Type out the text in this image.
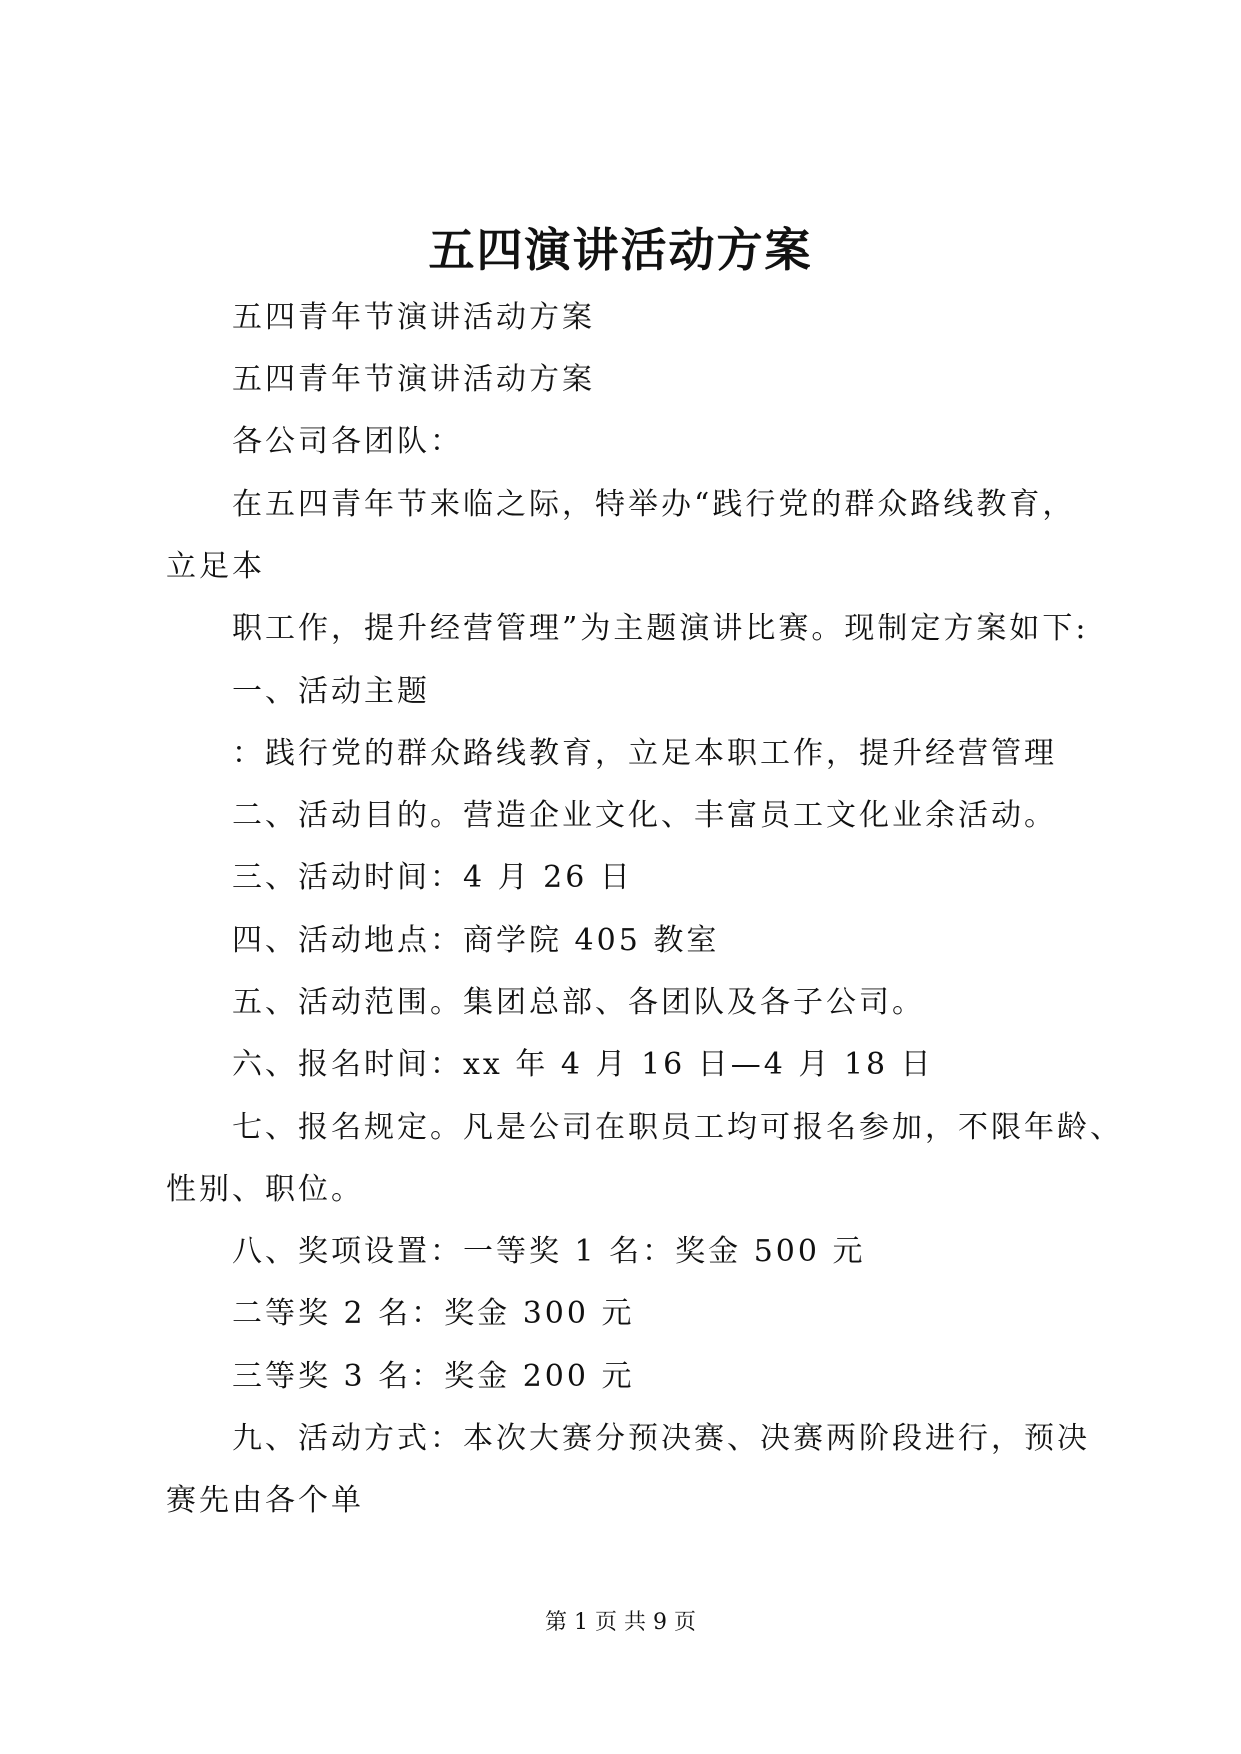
五四演讲活动方案
五四青年节演讲活动方案
五四青年节演讲活动方案
各公司各团队：
在五四青年节来临之际，特举办“践行党的群众路线教育，
立足本
职工作，提升经营管理”为主题演讲比赛。现制定方案如下:
一、活动主题
：践行党的群众路线教育，立足本职工作，提升经营管理
二、活动目的。营造企业文化、丰富员工文化业余活动。
三、活动时间：4 月 26 日
四、活动地点：商学院 405 教室
五、活动范围。集团总部、各团队及各子公司。
六、报名时间：xx 年 4 月 16 日—4 月 18 日
七、报名规定。凡是公司在职员工均可报名参加，不限年龄、
性别、职位。
八、奖项设置：一等奖 1 名：奖金 500 元
二等奖 2 名：奖金 300 元
三等奖 3 名：奖金 200 元
九、活动方式：本次大赛分预决赛、决赛两阶段进行，预决
赛先由各个单
第 1 页 共 9 页
